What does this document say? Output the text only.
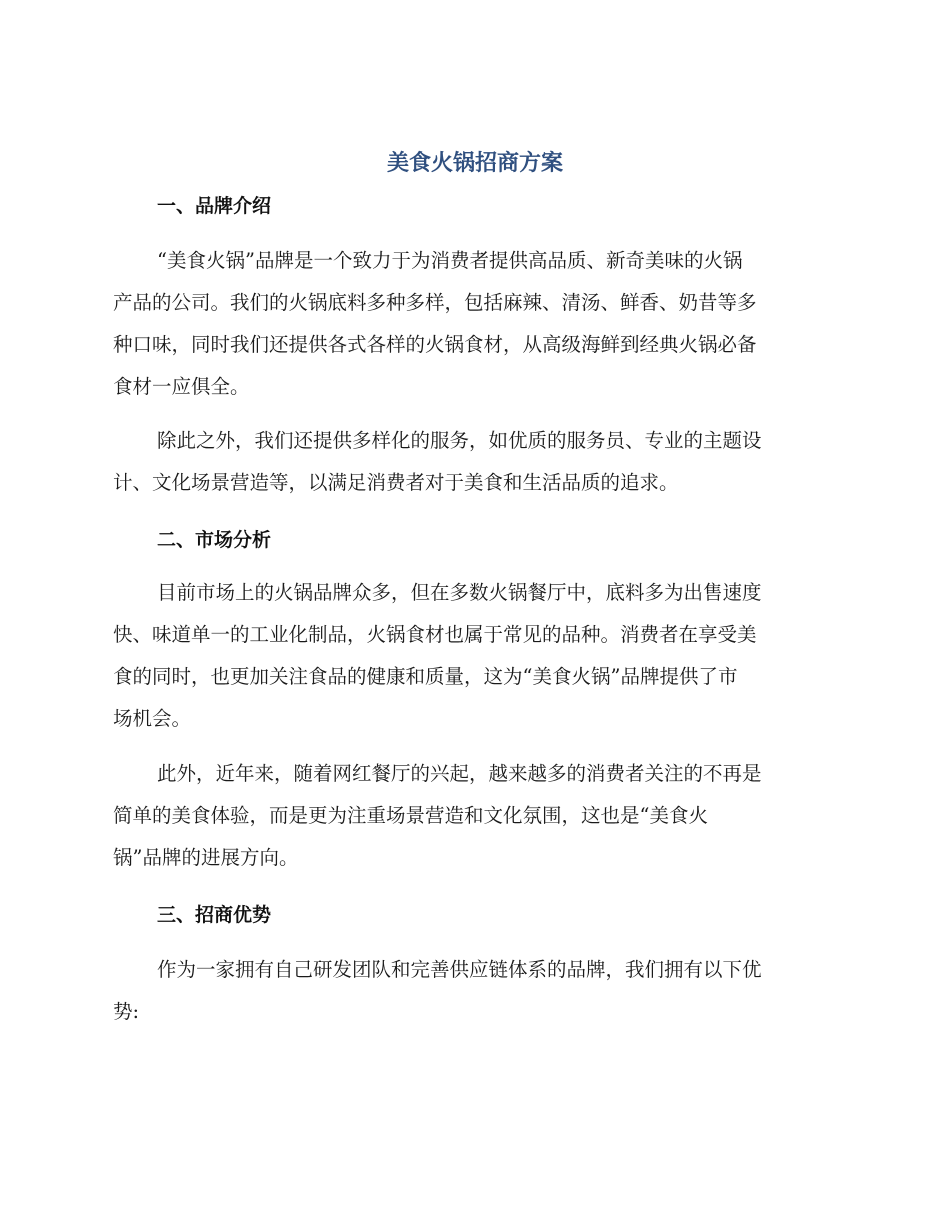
美食火锅招商方案
一、品牌介绍
“美食火锅”品牌是一个致力于为消费者提供高品质、新奇美味的火锅
产品的公司。我们的火锅底料多种多样，包括麻辣、清汤、鲜香、奶昔等多
种口味，同时我们还提供各式各样的火锅食材，从高级海鲜到经典火锅必备
食材一应俱全。
除此之外，我们还提供多样化的服务，如优质的服务员、专业的主题设
计、文化场景营造等，以满足消费者对于美食和生活品质的追求。
二、市场分析
目前市场上的火锅品牌众多，但在多数火锅餐厅中，底料多为出售速度
快、味道单一的工业化制品，火锅食材也属于常见的品种。消费者在享受美
食的同时，也更加关注食品的健康和质量，这为“美食火锅”品牌提供了市
场机会。
此外，近年来，随着网红餐厅的兴起，越来越多的消费者关注的不再是
简单的美食体验，而是更为注重场景营造和文化氛围，这也是“美食火
锅”品牌的进展方向。
三、招商优势
作为一家拥有自己研发团队和完善供应链体系的品牌，我们拥有以下优
势:
